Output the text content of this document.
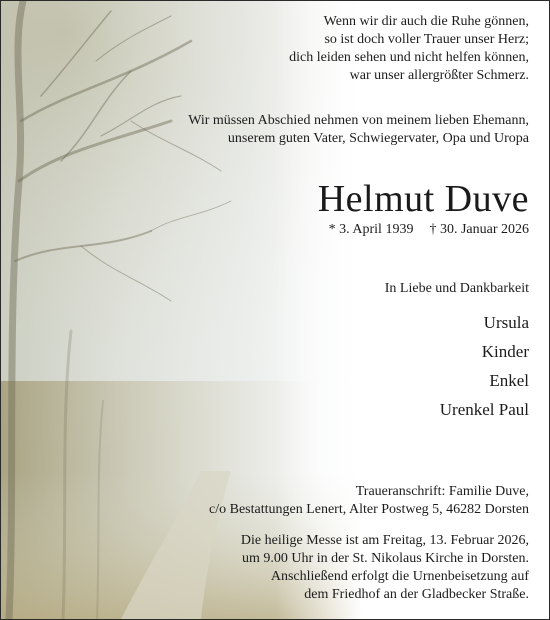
Wenn wir dir auch die Ruhe gönnen,
so ist doch voller Trauer unser Herz;
dich leiden sehen und nicht helfen können,
war unser allergrößter Schmerz.
Wir müssen Abschied nehmen von meinem lieben Ehemann,
unserem guten Vater, Schwiegervater, Opa und Uropa
Helmut Duve
* 3. April 1939 † 30. Januar 2026
In Liebe und Dankbarkeit
Ursula
Kinder
Enkel
Urenkel Paul
Traueranschrift: Familie Duve,
c/o Bestattungen Lenert, Alter Postweg 5, 46282 Dorsten
Die heilige Messe ist am Freitag, 13. Februar 2026,
um 9.00 Uhr in der St. Nikolaus Kirche in Dorsten.
Anschließend erfolgt die Urnenbeisetzung auf
dem Friedhof an der Gladbecker Straße.
